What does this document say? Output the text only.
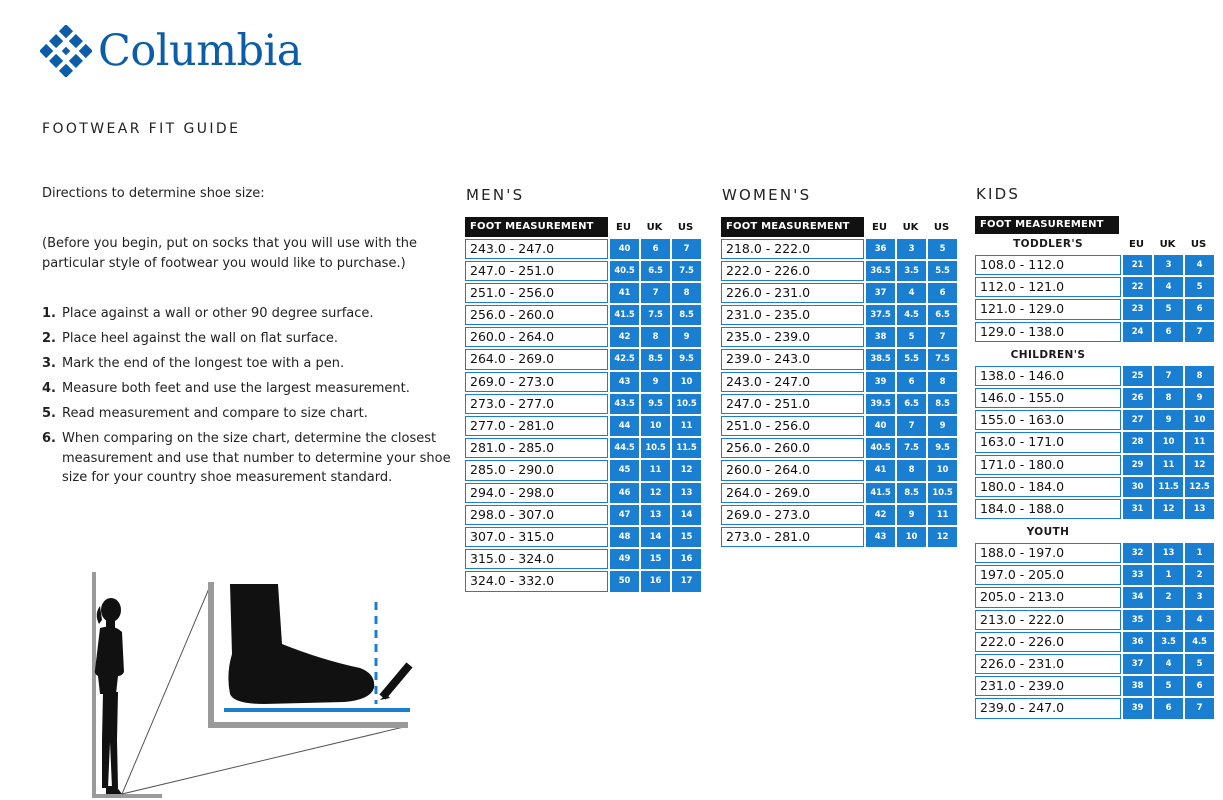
Columbia
FOOTWEAR FIT GUIDE
Directions to determine shoe size:
(Before you begin, put on socks that you will use with the particular style of footwear you would like to purchase.)
1. Place against a wall or other 90 degree surface.
2. Place heel against the wall on flat surface.
3. Mark the end of the longest toe with a pen.
4. Measure both feet and use the largest measurement.
5. Read measurement and compare to size chart.
6. When comparing on the size chart, determine the closest measurement and use that number to determine your shoe size for your country shoe measurement standard.
MEN'S
FOOT MEASUREMENT	EU	UK	US
243.0 - 247.0	40	6	7
247.0 - 251.0	40.5	6.5	7.5
251.0 - 256.0	41	7	8
256.0 - 260.0	41.5	7.5	8.5
260.0 - 264.0	42	8	9
264.0 - 269.0	42.5	8.5	9.5
269.0 - 273.0	43	9	10
273.0 - 277.0	43.5	9.5	10.5
277.0 - 281.0	44	10	11
281.0 - 285.0	44.5	10.5	11.5
285.0 - 290.0	45	11	12
294.0 - 298.0	46	12	13
298.0 - 307.0	47	13	14
307.0 - 315.0	48	14	15
315.0 - 324.0	49	15	16
324.0 - 332.0	50	16	17
WOMEN'S
FOOT MEASUREMENT	EU	UK	US
218.0 - 222.0	36	3	5
222.0 - 226.0	36.5	3.5	5.5
226.0 - 231.0	37	4	6
231.0 - 235.0	37.5	4.5	6.5
235.0 - 239.0	38	5	7
239.0 - 243.0	38.5	5.5	7.5
243.0 - 247.0	39	6	8
247.0 - 251.0	39.5	6.5	8.5
251.0 - 256.0	40	7	9
256.0 - 260.0	40.5	7.5	9.5
260.0 - 264.0	41	8	10
264.0 - 269.0	41.5	8.5	10.5
269.0 - 273.0	42	9	11
273.0 - 281.0	43	10	12
KIDS
FOOT MEASUREMENT
TODDLER'S	EU	UK	US
108.0 - 112.0	21	3	4
112.0 - 121.0	22	4	5
121.0 - 129.0	23	5	6
129.0 - 138.0	24	6	7
CHILDREN'S
138.0 - 146.0	25	7	8
146.0 - 155.0	26	8	9
155.0 - 163.0	27	9	10
163.0 - 171.0	28	10	11
171.0 - 180.0	29	11	12
180.0 - 184.0	30	11.5	12.5
184.0 - 188.0	31	12	13
YOUTH
188.0 - 197.0	32	13	1
197.0 - 205.0	33	1	2
205.0 - 213.0	34	2	3
213.0 - 222.0	35	3	4
222.0 - 226.0	36	3.5	4.5
226.0 - 231.0	37	4	5
231.0 - 239.0	38	5	6
239.0 - 247.0	39	6	7
